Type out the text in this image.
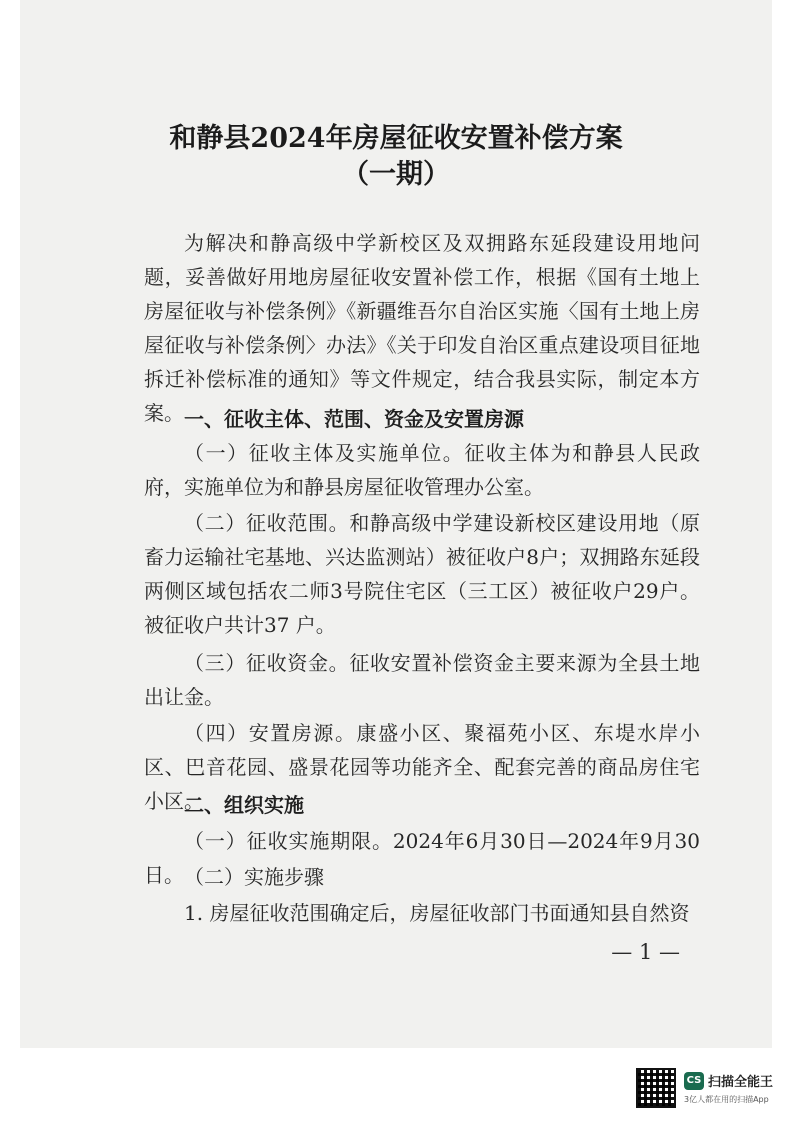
和静县2024年房屋征收安置补偿方案
（一期）

为解决和静高级中学新校区及双拥路东延段建设用地问题，妥善做好用地房屋征收安置补偿工作，根据《国有土地上房屋征收与补偿条例》《新疆维吾尔自治区实施〈国有土地上房屋征收与补偿条例〉办法》《关于印发自治区重点建设项目征地拆迁补偿标准的通知》等文件规定，结合我县实际，制定本方案。 一、征收主体、范围、资金及安置房源

（一）征收主体及实施单位。征收主体为和静县人民政府，实施单位为和静县房屋征收管理办公室。

（二）征收范围。和静高级中学建设新校区建设用地（原畜力运输社宅基地、兴达监测站）被征收户8户；双拥路东延段两侧区域包括农二师3号院住宅区（三工区）被征收户29户。被征收户共计37 户。

（三）征收资金。征收安置补偿资金主要来源为全县土地出让金。

（四）安置房源。康盛小区、聚福苑小区、东堤水岸小区、巴音花园、盛景花园等功能齐全、配套完善的商品房住宅小区。

二、组织实施

（一）征收实施期限。2024年6月30日—2024年9月30日。 （二）实施步骤

1. 房屋征收范围确定后，房屋征收部门书面通知县自然资

— 1 —
CS 扫描全能王
3亿人都在用的扫描App
